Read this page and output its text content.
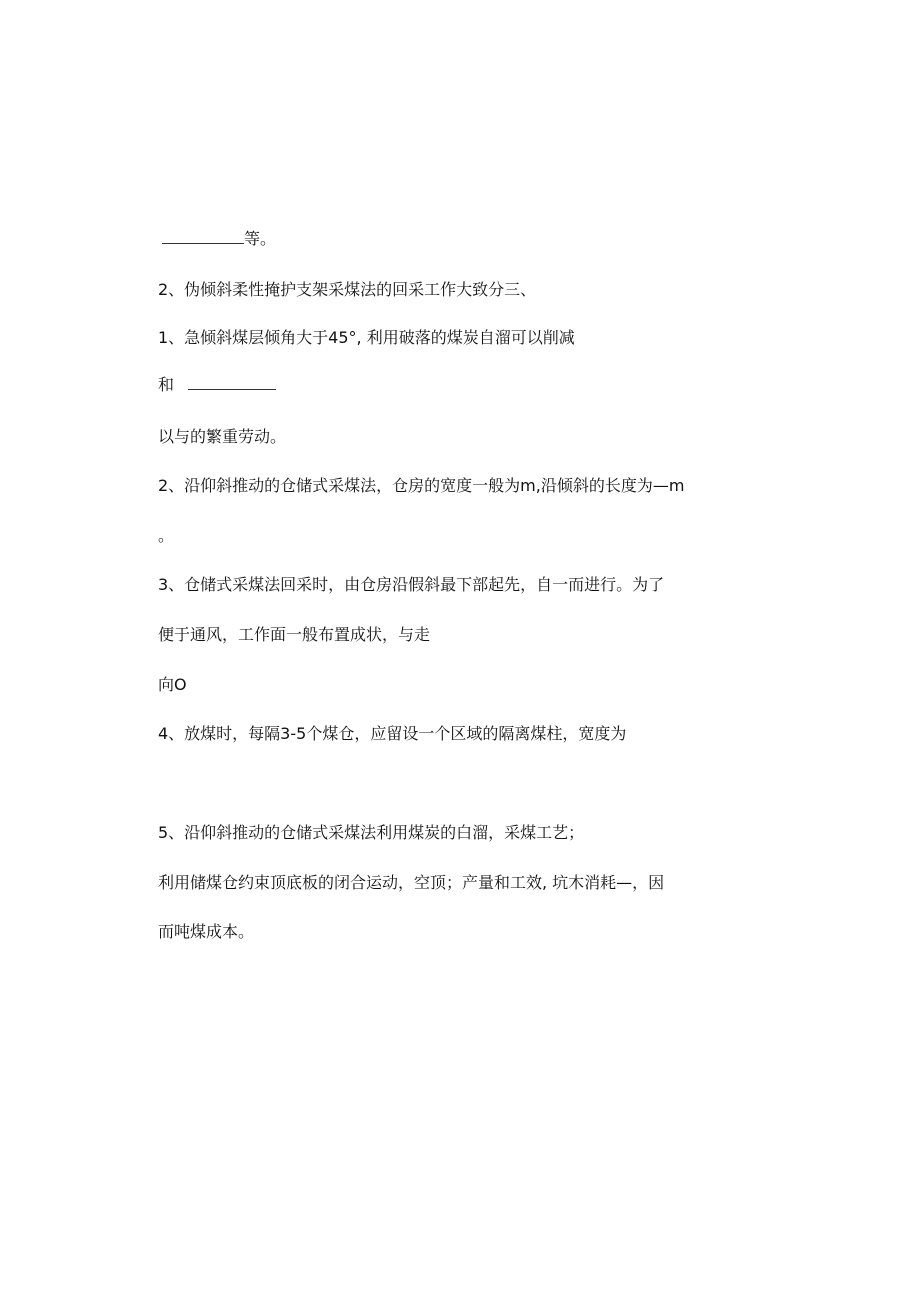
等。
2、伪倾斜柔性掩护支架采煤法的回采工作大致分三、
1、急倾斜煤层倾角大于45°, 利用破落的煤炭自溜可以削减
和
以与的繁重劳动。
2、沿仰斜推动的仓储式采煤法，仓房的宽度一般为m,沿倾斜的长度为—m
。
3、仓储式采煤法回采时，由仓房沿假斜最下部起先，自一而进行。为了
便于通风，工作面一般布置成状，与走
向O
4、放煤时，每隔3-5个煤仓，应留设一个区域的隔离煤柱，宽度为
5、沿仰斜推动的仓储式采煤法利用煤炭的白溜，采煤工艺；
利用储煤仓约束顶底板的闭合运动，空顶；产量和工效, 坑木消耗—，因
而吨煤成本。
